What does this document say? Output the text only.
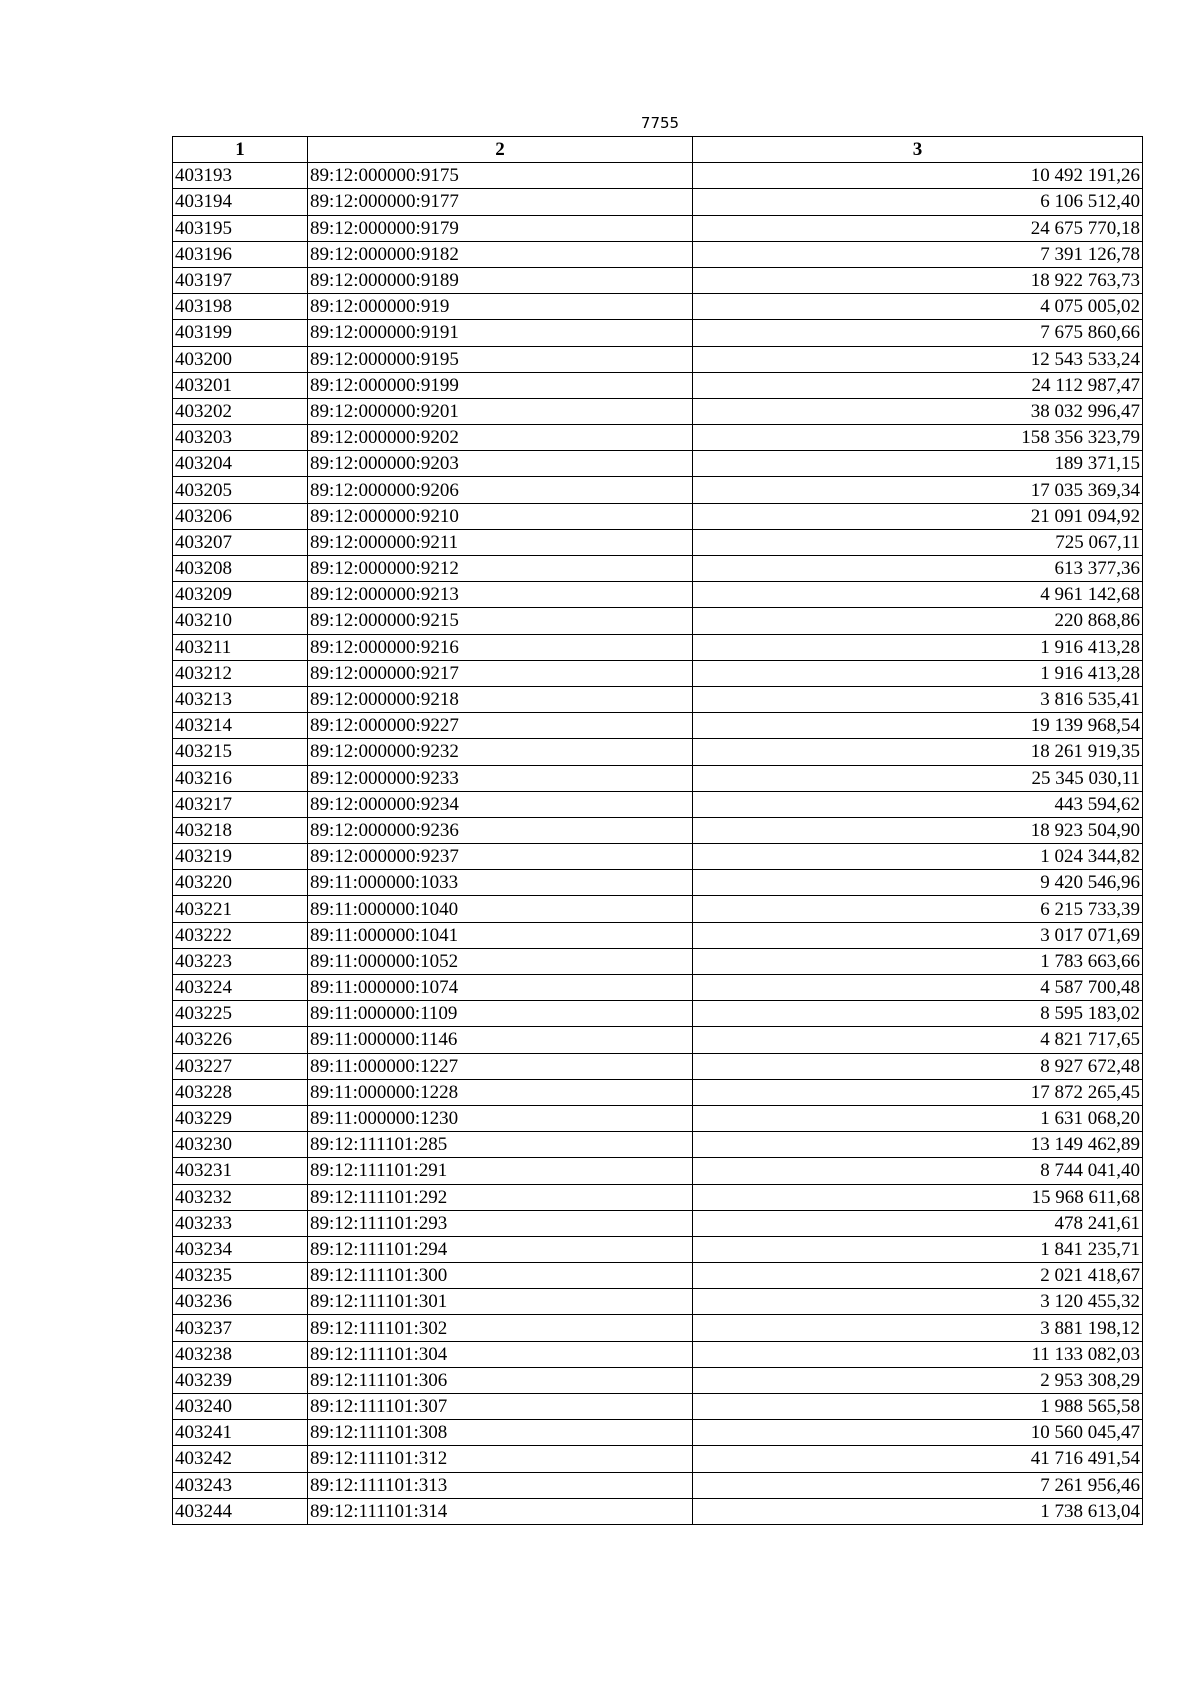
7755
1	2	3
403193	89:12:000000:9175	10 492 191,26
403194	89:12:000000:9177	6 106 512,40
403195	89:12:000000:9179	24 675 770,18
403196	89:12:000000:9182	7 391 126,78
403197	89:12:000000:9189	18 922 763,73
403198	89:12:000000:919	4 075 005,02
403199	89:12:000000:9191	7 675 860,66
403200	89:12:000000:9195	12 543 533,24
403201	89:12:000000:9199	24 112 987,47
403202	89:12:000000:9201	38 032 996,47
403203	89:12:000000:9202	158 356 323,79
403204	89:12:000000:9203	189 371,15
403205	89:12:000000:9206	17 035 369,34
403206	89:12:000000:9210	21 091 094,92
403207	89:12:000000:9211	725 067,11
403208	89:12:000000:9212	613 377,36
403209	89:12:000000:9213	4 961 142,68
403210	89:12:000000:9215	220 868,86
403211	89:12:000000:9216	1 916 413,28
403212	89:12:000000:9217	1 916 413,28
403213	89:12:000000:9218	3 816 535,41
403214	89:12:000000:9227	19 139 968,54
403215	89:12:000000:9232	18 261 919,35
403216	89:12:000000:9233	25 345 030,11
403217	89:12:000000:9234	443 594,62
403218	89:12:000000:9236	18 923 504,90
403219	89:12:000000:9237	1 024 344,82
403220	89:11:000000:1033	9 420 546,96
403221	89:11:000000:1040	6 215 733,39
403222	89:11:000000:1041	3 017 071,69
403223	89:11:000000:1052	1 783 663,66
403224	89:11:000000:1074	4 587 700,48
403225	89:11:000000:1109	8 595 183,02
403226	89:11:000000:1146	4 821 717,65
403227	89:11:000000:1227	8 927 672,48
403228	89:11:000000:1228	17 872 265,45
403229	89:11:000000:1230	1 631 068,20
403230	89:12:111101:285	13 149 462,89
403231	89:12:111101:291	8 744 041,40
403232	89:12:111101:292	15 968 611,68
403233	89:12:111101:293	478 241,61
403234	89:12:111101:294	1 841 235,71
403235	89:12:111101:300	2 021 418,67
403236	89:12:111101:301	3 120 455,32
403237	89:12:111101:302	3 881 198,12
403238	89:12:111101:304	11 133 082,03
403239	89:12:111101:306	2 953 308,29
403240	89:12:111101:307	1 988 565,58
403241	89:12:111101:308	10 560 045,47
403242	89:12:111101:312	41 716 491,54
403243	89:12:111101:313	7 261 956,46
403244	89:12:111101:314	1 738 613,04
